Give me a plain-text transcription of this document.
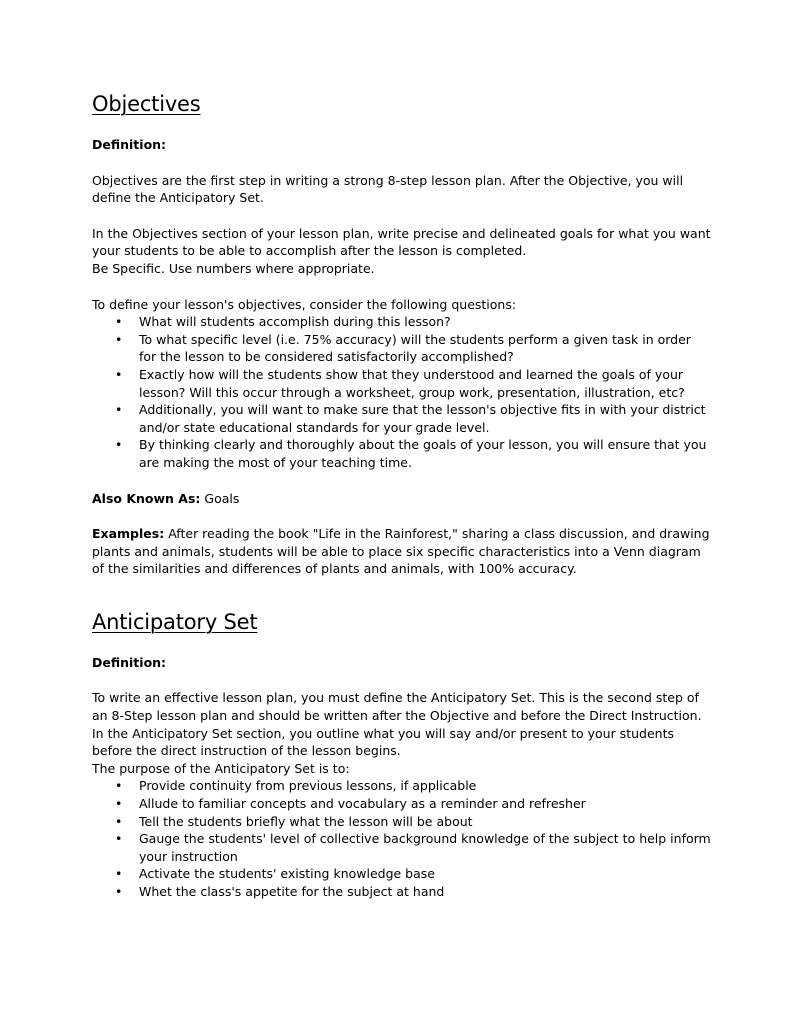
Objectives

Definition:

Objectives are the first step in writing a strong 8-step lesson plan. After the Objective, you will define the Anticipatory Set.

In the Objectives section of your lesson plan, write precise and delineated goals for what you want your students to be able to accomplish after the lesson is completed.

Be Specific. Use numbers where appropriate.

To define your lesson's objectives, consider the following questions:

• What will students accomplish during this lesson?
• To what specific level (i.e. 75% accuracy) will the students perform a given task in order for the lesson to be considered satisfactorily accomplished?
• Exactly how will the students show that they understood and learned the goals of your lesson? Will this occur through a worksheet, group work, presentation, illustration, etc?
• Additionally, you will want to make sure that the lesson's objective fits in with your district and/or state educational standards for your grade level.
• By thinking clearly and thoroughly about the goals of your lesson, you will ensure that you are making the most of your teaching time.

Also Known As: Goals

Examples: After reading the book "Life in the Rainforest," sharing a class discussion, and drawing plants and animals, students will be able to place six specific characteristics into a Venn diagram of the similarities and differences of plants and animals, with 100% accuracy.

Anticipatory Set

Definition:

To write an effective lesson plan, you must define the Anticipatory Set. This is the second step of an 8-Step lesson plan and should be written after the Objective and before the Direct Instruction.

In the Anticipatory Set section, you outline what you will say and/or present to your students before the direct instruction of the lesson begins.

The purpose of the Anticipatory Set is to:

• Provide continuity from previous lessons, if applicable
• Allude to familiar concepts and vocabulary as a reminder and refresher
• Tell the students briefly what the lesson will be about
• Gauge the students' level of collective background knowledge of the subject to help inform your instruction
• Activate the students' existing knowledge base
• Whet the class's appetite for the subject at hand
